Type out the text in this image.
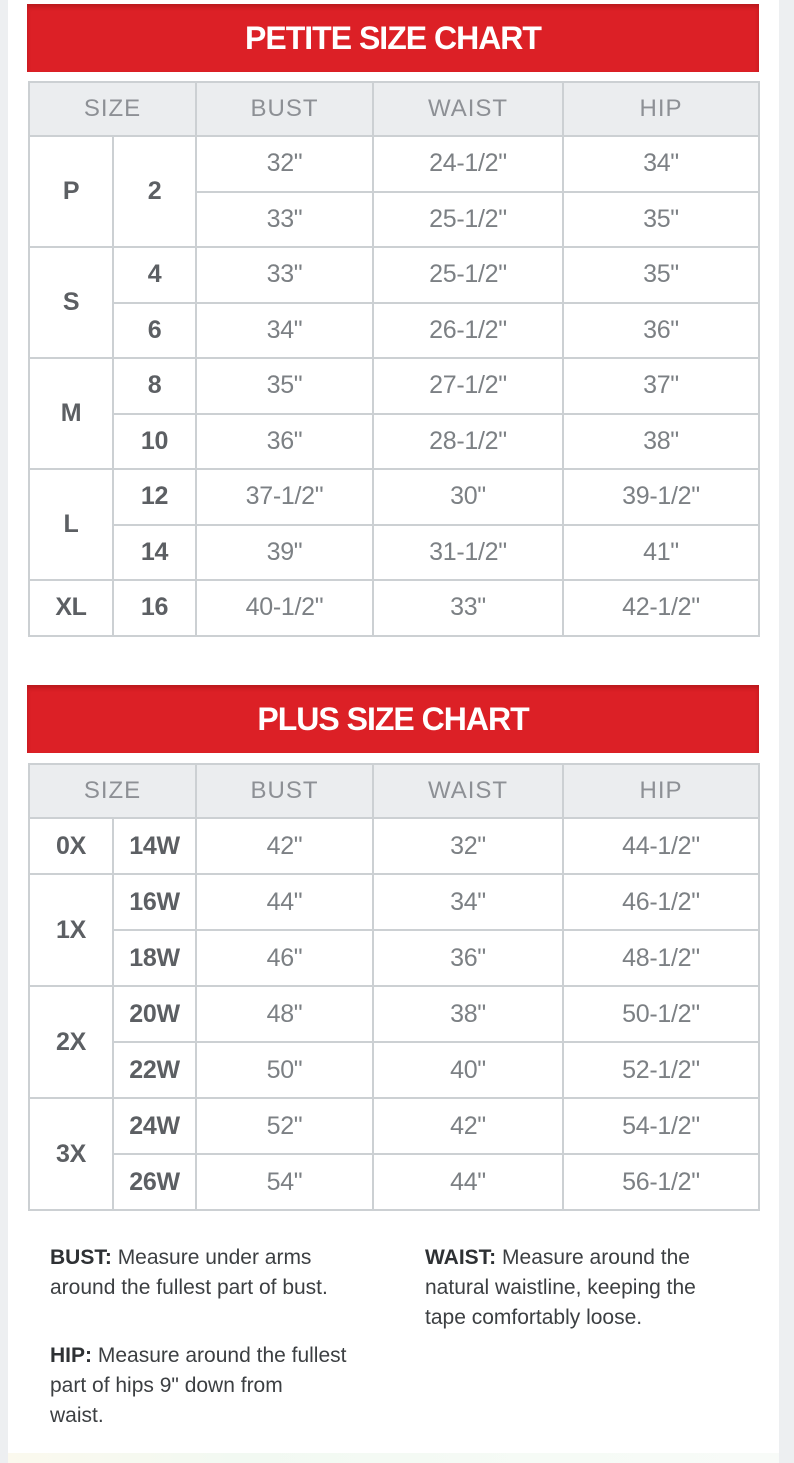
PETITE SIZE CHART
SIZE		BUST	WAIST	HIP
P	2	32"	24-1/2"	34"
		33"	25-1/2"	35"
S	4	33"	25-1/2"	35"
	6	34"	26-1/2"	36"
M	8	35"	27-1/2"	37"
	10	36"	28-1/2"	38"
L	12	37-1/2"	30"	39-1/2"
	14	39"	31-1/2"	41"
XL	16	40-1/2"	33"	42-1/2"
PLUS SIZE CHART
SIZE		BUST	WAIST	HIP
0X	14W	42"	32"	44-1/2"
1X	16W	44"	34"	46-1/2"
	18W	46"	36"	48-1/2"
2X	20W	48"	38"	50-1/2"
	22W	50"	40"	52-1/2"
3X	24W	52"	42"	54-1/2"
	26W	54"	44"	56-1/2"

BUST: Measure under arms
around the fullest part of bust.

WAIST: Measure around the
natural waistline, keeping the
tape comfortably loose.

HIP: Measure around the fullest
part of hips 9" down from
waist.
